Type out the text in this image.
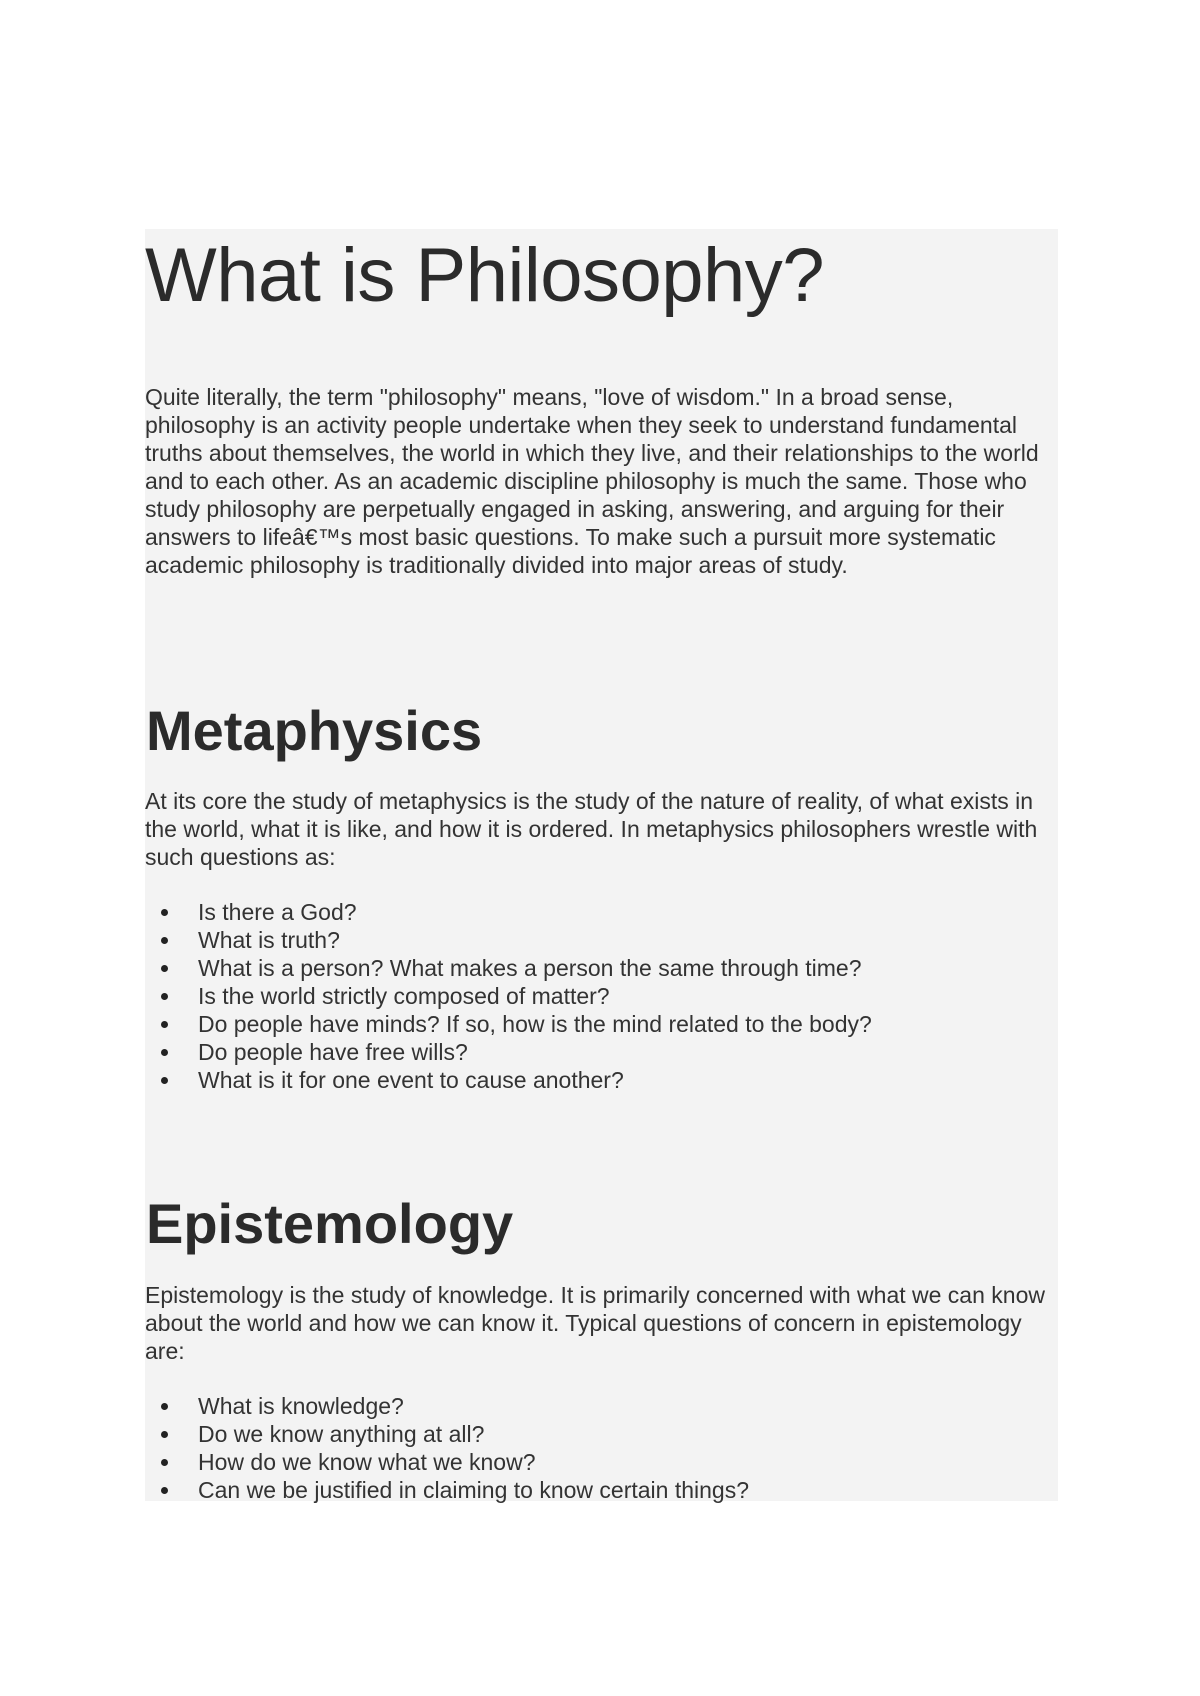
What is Philosophy?

Quite literally, the term "philosophy" means, "love of wisdom." In a broad sense, philosophy is an activity people undertake when they seek to understand fundamental truths about themselves, the world in which they live, and their relationships to the world and to each other. As an academic discipline philosophy is much the same. Those who study philosophy are perpetually engaged in asking, answering, and arguing for their answers to lifeâ€™s most basic questions. To make such a pursuit more systematic academic philosophy is traditionally divided into major areas of study.

Metaphysics

At its core the study of metaphysics is the study of the nature of reality, of what exists in the world, what it is like, and how it is ordered. In metaphysics philosophers wrestle with such questions as:

Is there a God?
What is truth?
What is a person? What makes a person the same through time?
Is the world strictly composed of matter?
Do people have minds? If so, how is the mind related to the body?
Do people have free wills?
What is it for one event to cause another?
Epistemology

Epistemology is the study of knowledge. It is primarily concerned with what we can know about the world and how we can know it. Typical questions of concern in epistemology are:

What is knowledge?
Do we know anything at all?
How do we know what we know?
Can we be justified in claiming to know certain things?
